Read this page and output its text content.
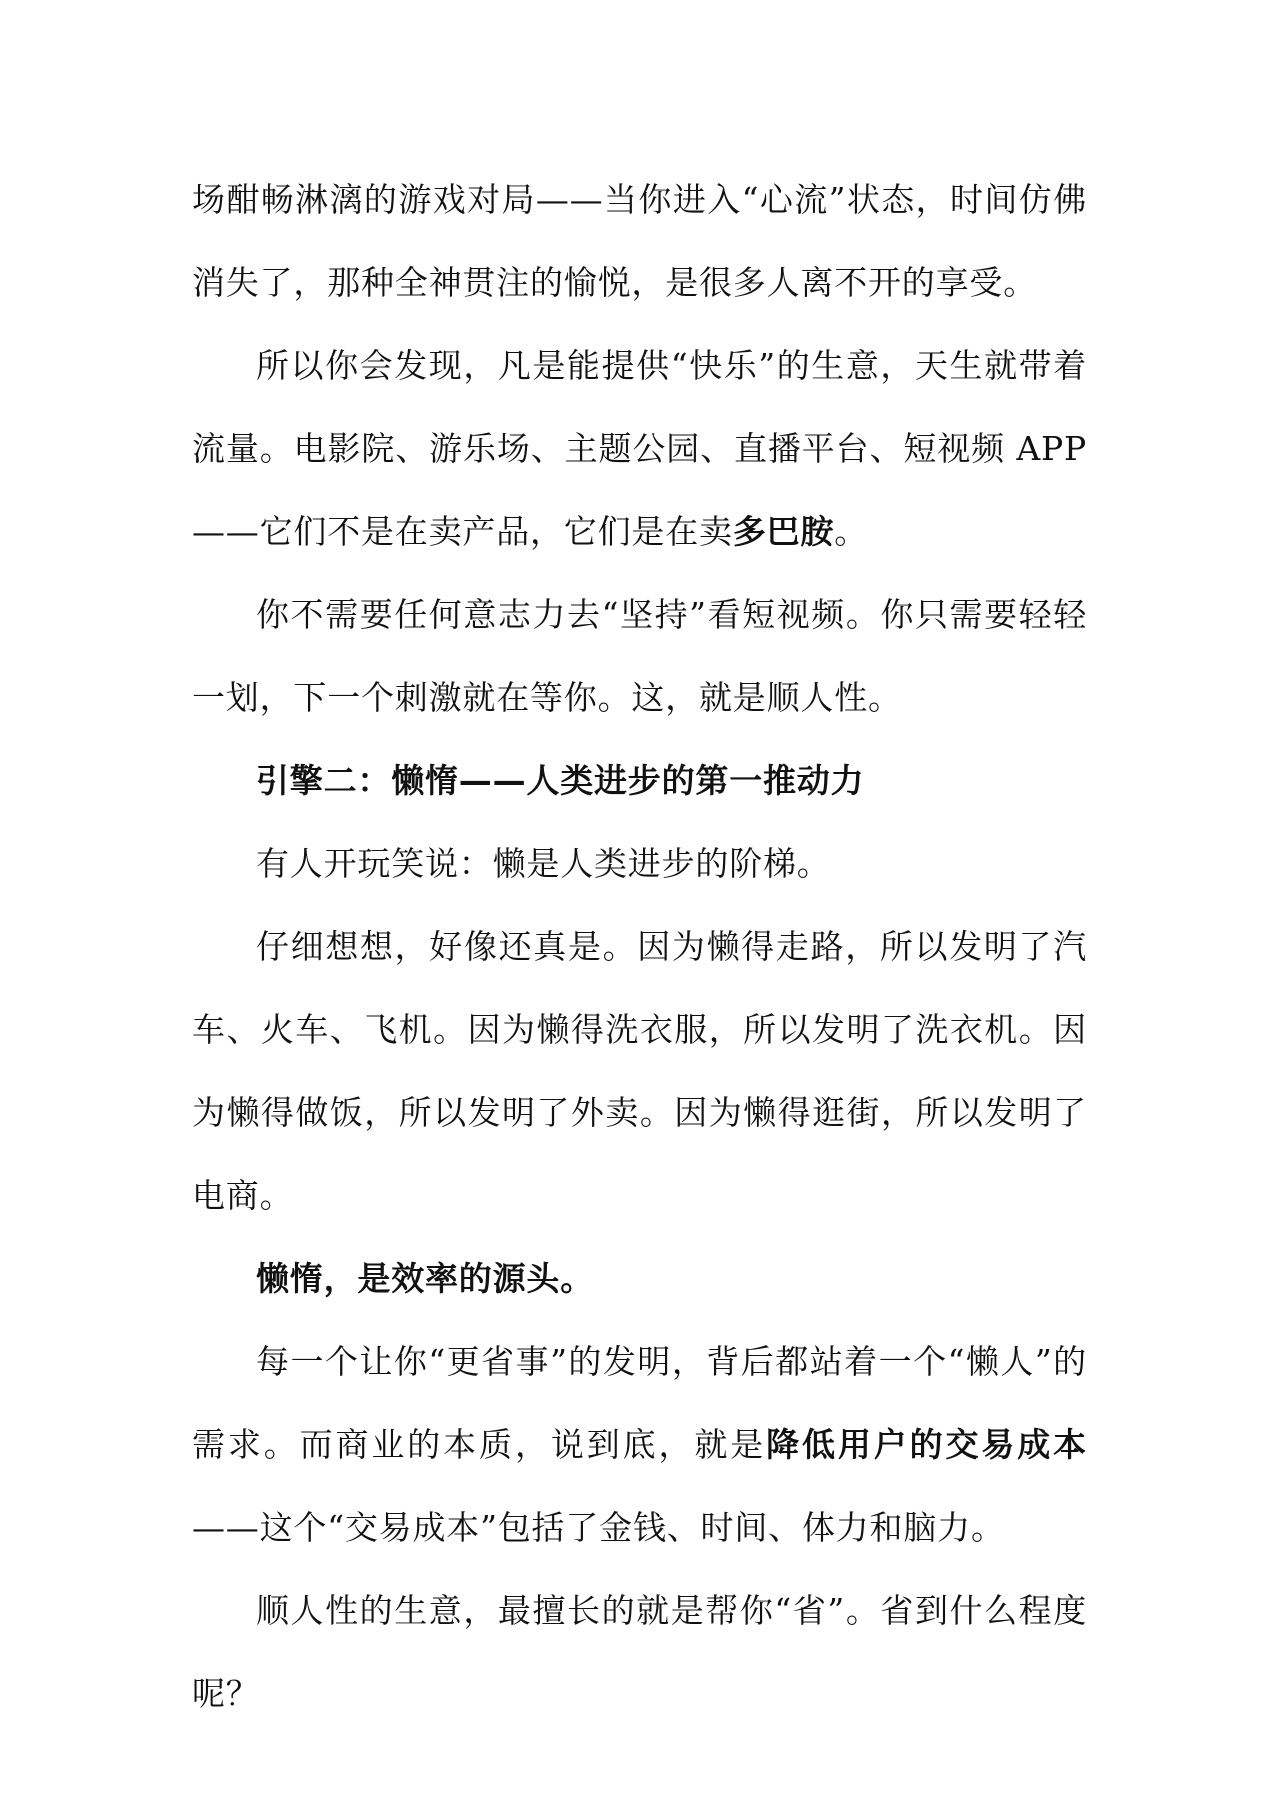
场酣畅淋漓的游戏对局——当你进入“心流”状态，时间仿佛消失了，那种全神贯注的愉悦，是很多人离不开的享受。

所以你会发现，凡是能提供“快乐”的生意，天生就带着流量。电影院、游乐场、主题公园、直播平台、短视频 APP——它们不是在卖产品，它们是在卖多巴胺。

你不需要任何意志力去“坚持”看短视频。你只需要轻轻一划，下一个刺激就在等你。这，就是顺人性。

引擎二：懒惰——人类进步的第一推动力

有人开玩笑说：懒是人类进步的阶梯。

仔细想想，好像还真是。因为懒得走路，所以发明了汽车、火车、飞机。因为懒得洗衣服，所以发明了洗衣机。因为懒得做饭，所以发明了外卖。因为懒得逛街，所以发明了电商。

懒惰，是效率的源头。

每一个让你“更省事”的发明，背后都站着一个“懒人”的需求。而商业的本质，说到底，就是降低用户的交易成本——这个“交易成本”包括了金钱、时间、体力和脑力。

顺人性的生意，最擅长的就是帮你“省”。省到什么程度呢？
